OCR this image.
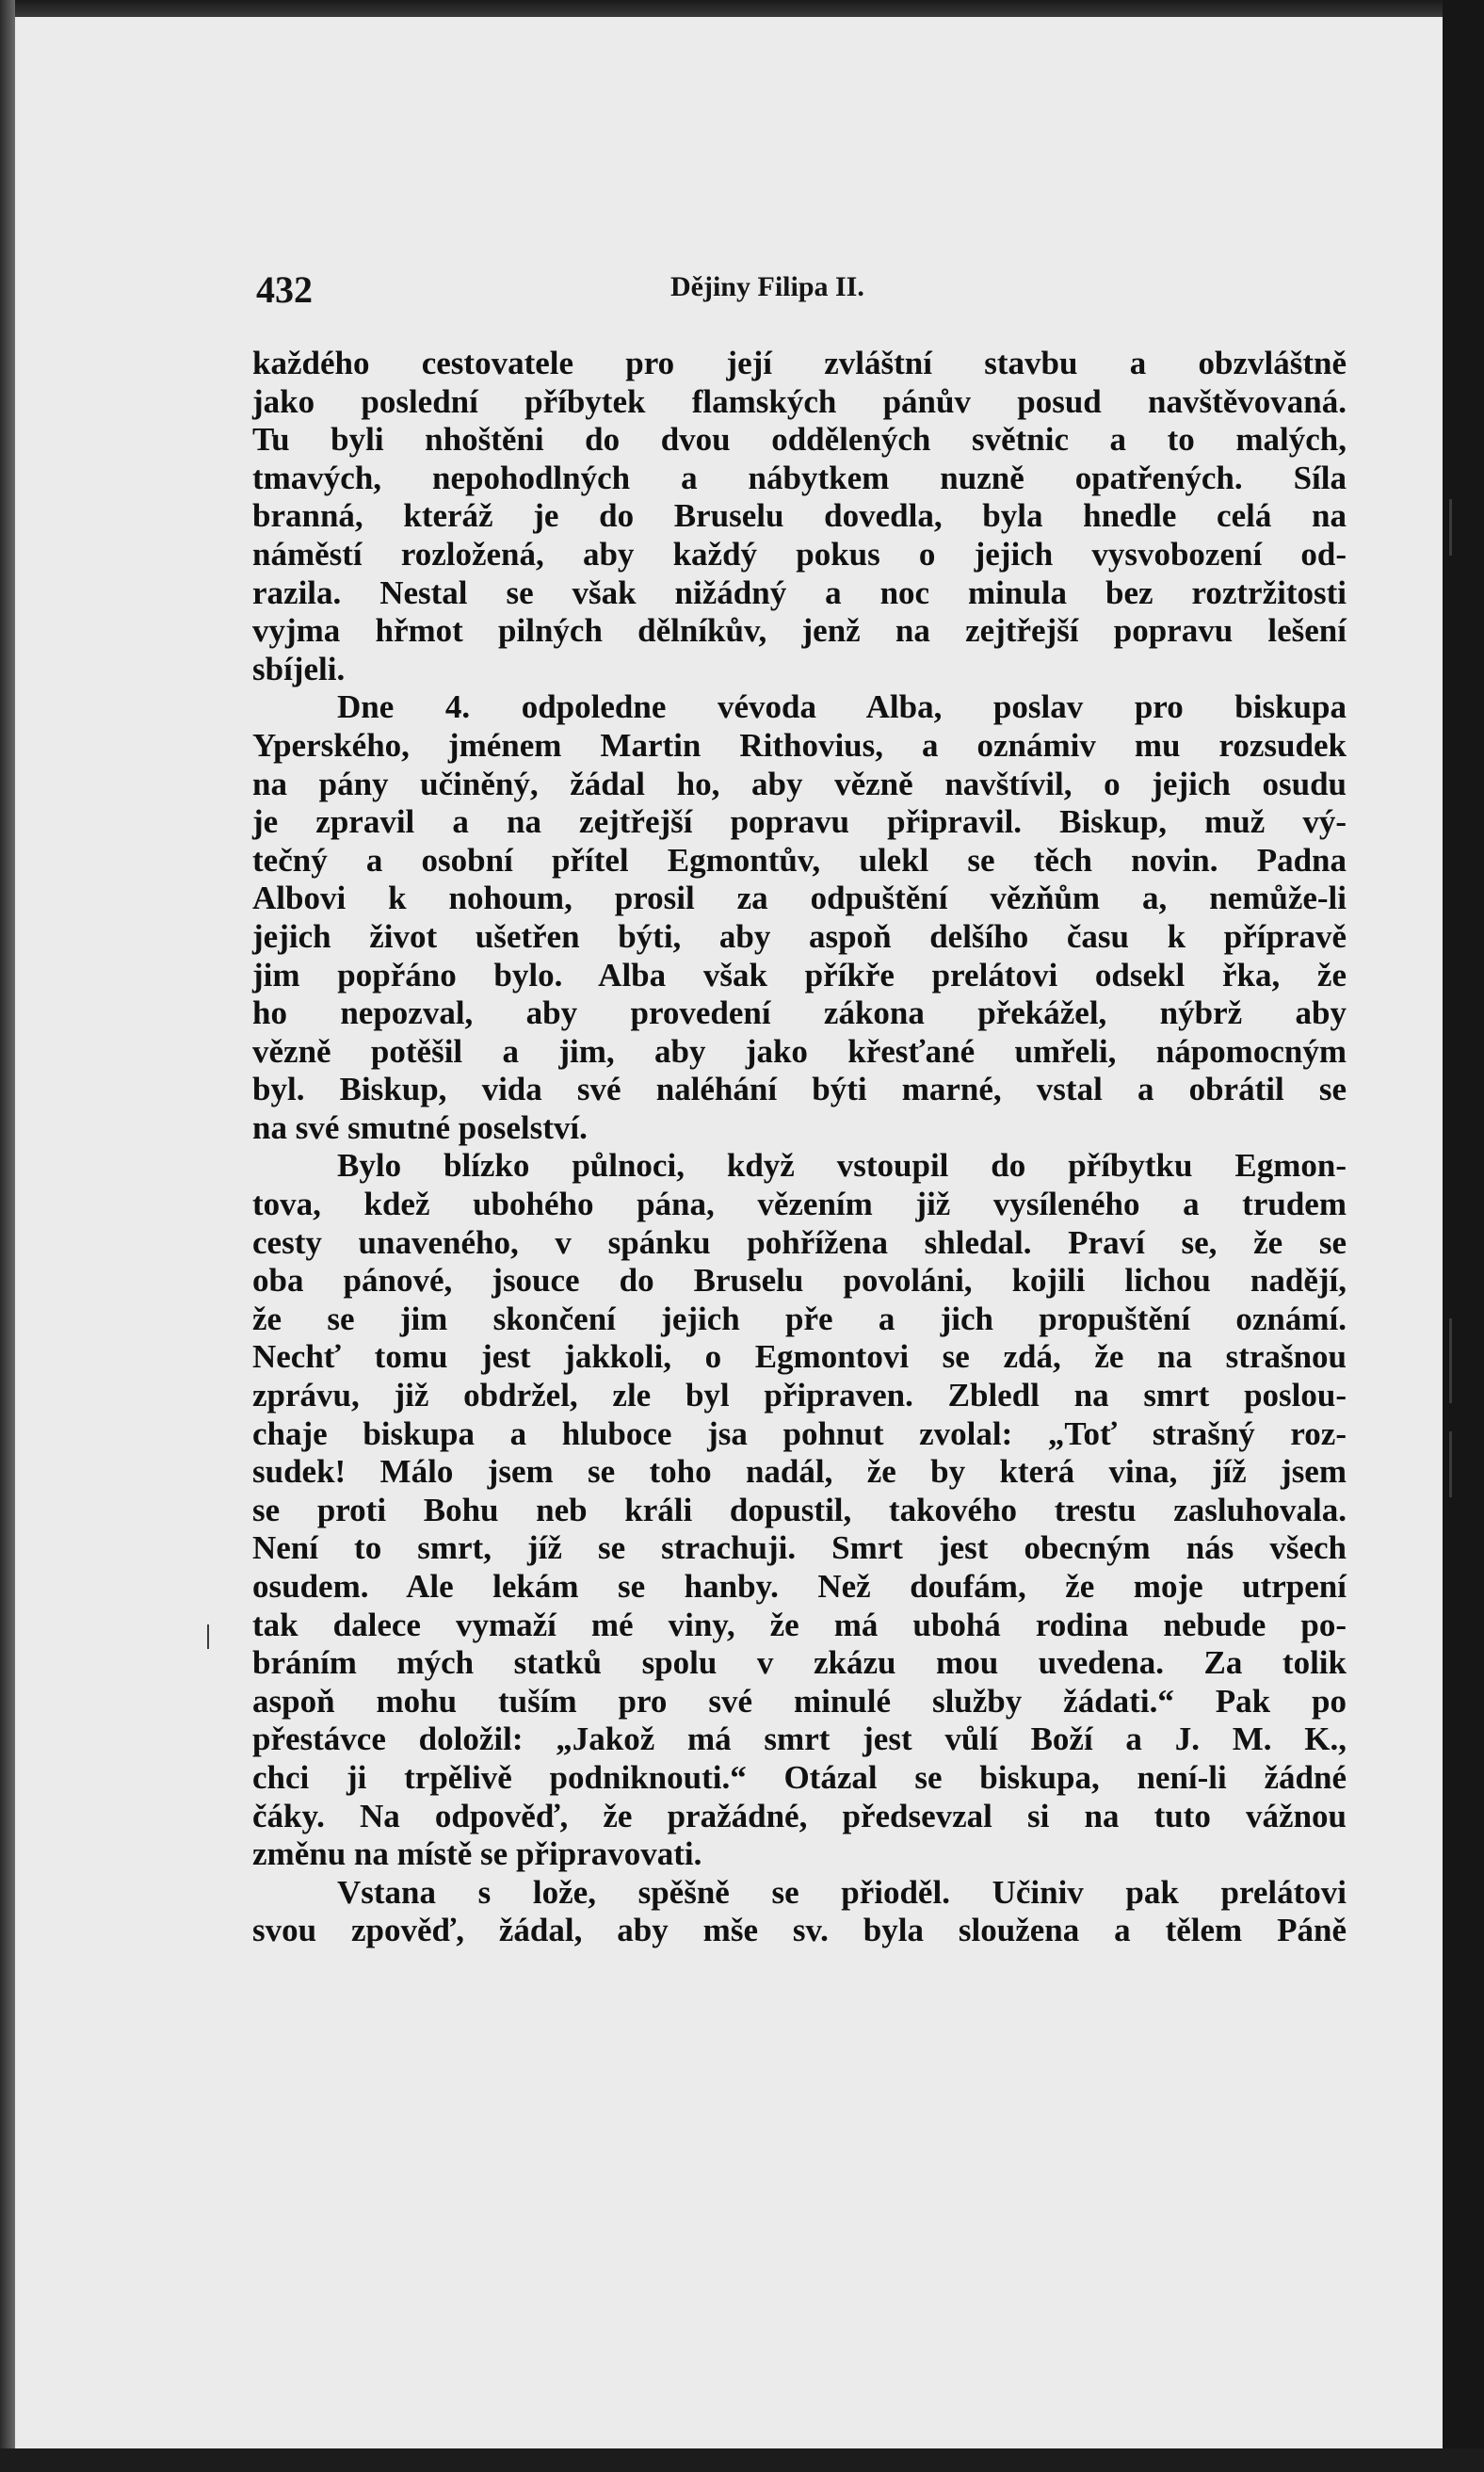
432	Dějiny Filipa II.
každého cestovatele pro její zvláštní stavbu a obzvláštně
jako poslední příbytek flamských pánův posud navštěvovaná.
Tu byli nhoštěni do dvou oddělených světnic a to malých,
tmavých, nepohodlných a nábytkem nuzně opatřených. Síla
branná, kteráž je do Bruselu dovedla, byla hnedle celá na
náměstí rozložená, aby každý pokus o jejich vysvobození od-
razila. Nestal se však nižádný a noc minula bez roztržitosti
vyjma hřmot pilných dělníkův, jenž na zejtřejší popravu lešení
sbíjeli.
Dne 4. odpoledne vévoda Alba, poslav pro biskupa
Yperského, jménem Martin Rithovius, a oznámiv mu rozsudek
na pány učiněný, žádal ho, aby vězně navštívil, o jejich osudu
je zpravil a na zejtřejší popravu připravil. Biskup, muž vý-
tečný a osobní přítel Egmontův, ulekl se těch novin. Padna
Albovi k nohoum, prosil za odpuštění vězňům a, nemůže-li
jejich život ušetřen býti, aby aspoň delšího času k přípravě
jim popřáno bylo. Alba však příkře prelátovi odsekl řka, že
ho nepozval, aby provedení zákona překážel, nýbrž aby
vězně potěšil a jim, aby jako křesťané umřeli, nápomocným
byl. Biskup, vida své naléhání býti marné, vstal a obrátil se
na své smutné poselství.
Bylo blízko půlnoci, když vstoupil do příbytku Egmon-
tova, kdež ubohého pána, vězením již vysíleného a trudem
cesty unaveného, v spánku pohřížena shledal. Praví se, že se
oba pánové, jsouce do Bruselu povoláni, kojili lichou nadějí,
že se jim skončení jejich pře a jich propuštění oznámí.
Nechť tomu jest jakkoli, o Egmontovi se zdá, že na strašnou
zprávu, již obdržel, zle byl připraven. Zbledl na smrt poslou-
chaje biskupa a hluboce jsa pohnut zvolal: „Toť strašný roz-
sudek! Málo jsem se toho nadál, že by která vina, jíž jsem
se proti Bohu neb králi dopustil, takového trestu zasluhovala.
Není to smrt, jíž se strachuji. Smrt jest obecným nás všech
osudem. Ale lekám se hanby. Než doufám, že moje utrpení
tak dalece vymaží mé viny, že má ubohá rodina nebude po-
bráním mých statků spolu v zkázu mou uvedena. Za tolik
aspoň mohu tuším pro své minulé služby žádati.“ Pak po
přestávce doložil: „Jakož má smrt jest vůlí Boží a J. M. K.,
chci ji trpělivě podniknouti.“ Otázal se biskupa, není-li žádné
čáky. Na odpověď, že pražádné, předsevzal si na tuto vážnou
změnu na místě se připravovati.
Vstana s lože, spěšně se přioděl. Učiniv pak prelátovi
svou zpověď, žádal, aby mše sv. byla sloužena a tělem Páně
